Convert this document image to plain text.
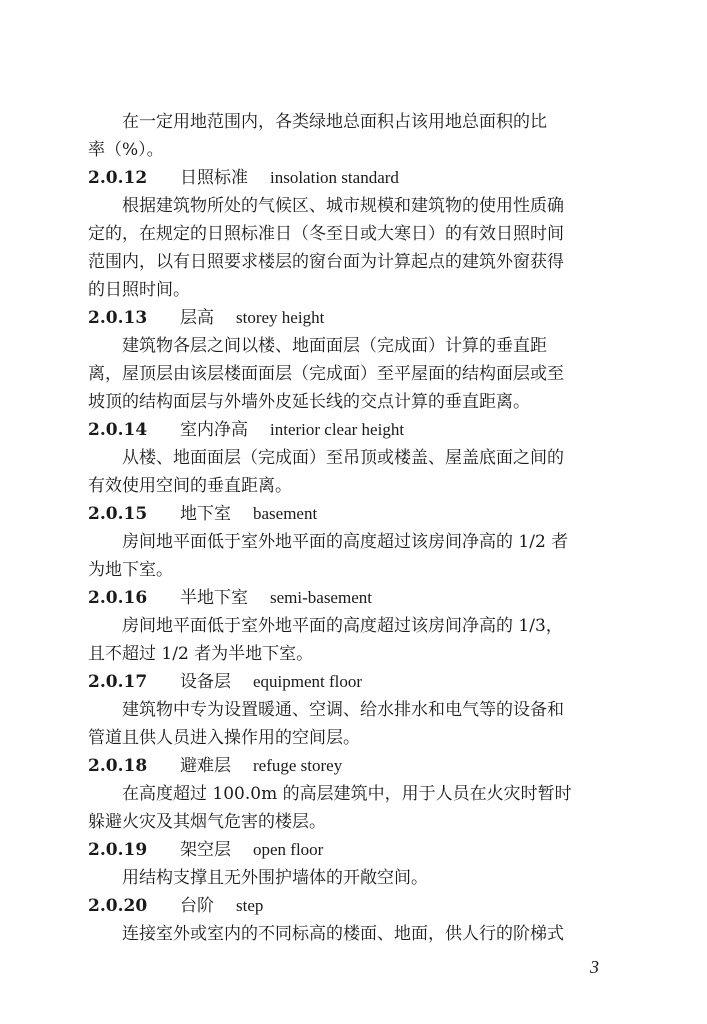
在一定用地范围内，各类绿地总面积占该用地总面积的比
率（%）。
2.0.12 日照标准 insolation standard
根据建筑物所处的气候区、城市规模和建筑物的使用性质确
定的，在规定的日照标准日（冬至日或大寒日）的有效日照时间
范围内，以有日照要求楼层的窗台面为计算起点的建筑外窗获得
的日照时间。
2.0.13 层高 storey height
建筑物各层之间以楼、地面面层（完成面）计算的垂直距
离，屋顶层由该层楼面面层（完成面）至平屋面的结构面层或至
坡顶的结构面层与外墙外皮延长线的交点计算的垂直距离。
2.0.14 室内净高 interior clear height
从楼、地面面层（完成面）至吊顶或楼盖、屋盖底面之间的
有效使用空间的垂直距离。
2.0.15 地下室 basement
房间地平面低于室外地平面的高度超过该房间净高的 1/2 者
为地下室。
2.0.16 半地下室 semi-basement
房间地平面低于室外地平面的高度超过该房间净高的 1/3，
且不超过 1/2 者为半地下室。
2.0.17 设备层 equipment floor
建筑物中专为设置暖通、空调、给水排水和电气等的设备和
管道且供人员进入操作用的空间层。
2.0.18 避难层 refuge storey
在高度超过 100.0m 的高层建筑中，用于人员在火灾时暂时
躲避火灾及其烟气危害的楼层。
2.0.19 架空层 open floor
用结构支撑且无外围护墙体的开敞空间。
2.0.20 台阶 step
连接室外或室内的不同标高的楼面、地面，供人行的阶梯式
3
